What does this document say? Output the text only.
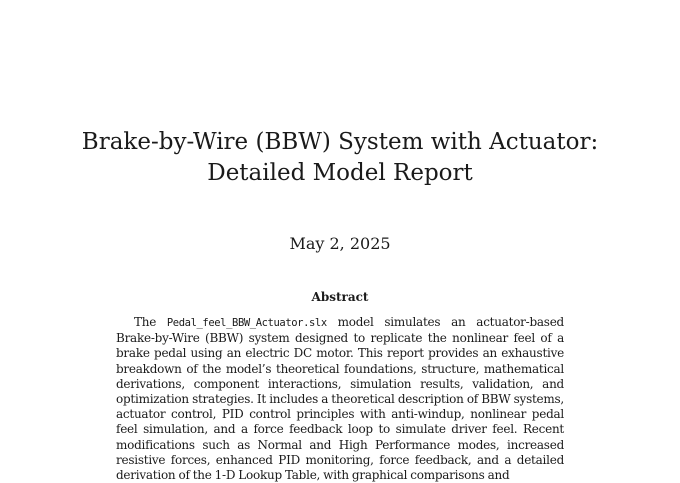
Brake-by-Wire (BBW) System with Actuator:
Detailed Model Report
May 2, 2025
Abstract

The Pedal_feel_BBW_Actuator.slx model simulates an actuator-based Brake-by-Wire (BBW) system designed to replicate the nonlinear feel of a brake pedal using an electric DC motor. This report provides an exhaustive breakdown of the model’s theoretical foundations, structure, mathematical derivations, component interactions, simulation results, validation, and optimization strategies. It includes a theoretical description of BBW systems, actuator control, PID control principles with anti-windup, nonlinear pedal feel simulation, and a force feedback loop to simulate driver feel. Recent modifications such as Normal and High Performance modes, increased resistive forces, enhanced PID monitoring, force feedback, and a detailed derivation of the 1-D Lookup Table, with graphical comparisons and
